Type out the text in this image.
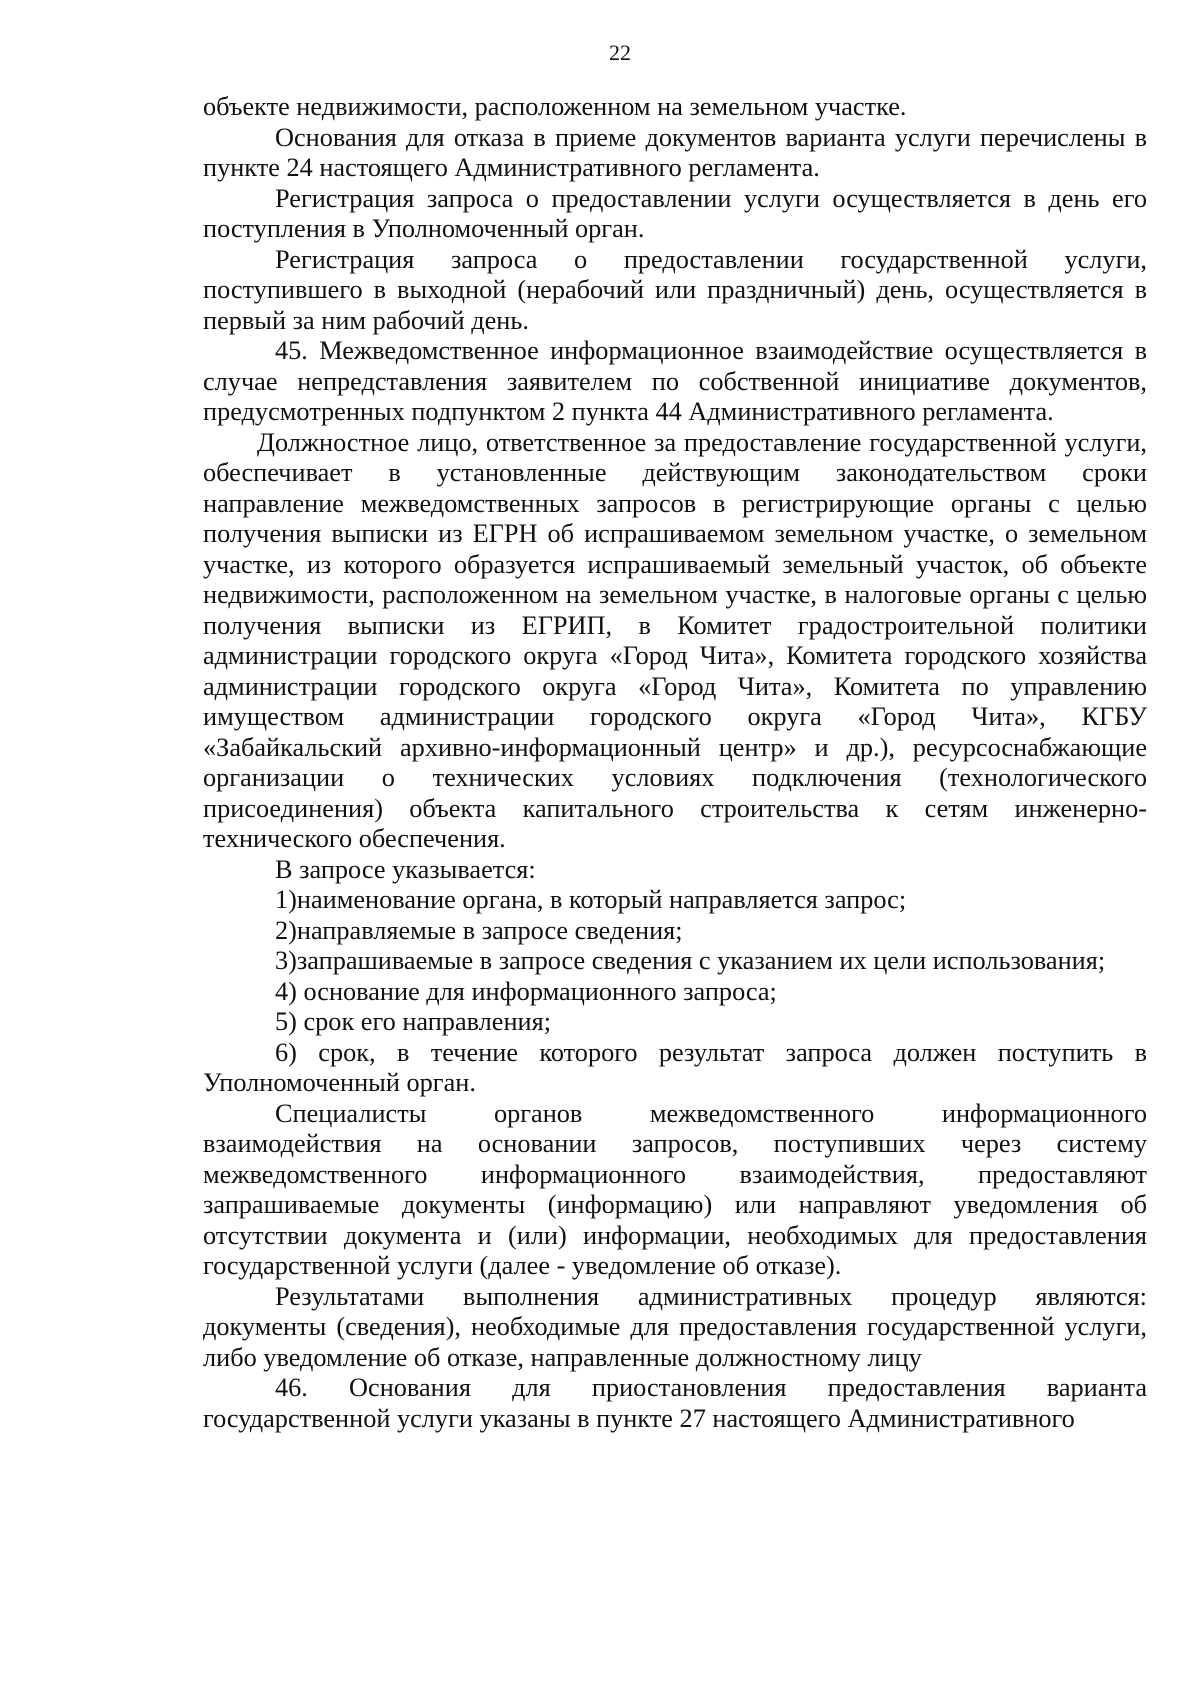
22

объекте недвижимости, расположенном на земельном участке.

Основания для отказа в приеме документов варианта услуги перечислены в пункте 24 настоящего Административного регламента.

Регистрация запроса о предоставлении услуги осуществляется в день его поступления в Уполномоченный орган.

Регистрация запроса о предоставлении государственной услуги, поступившего в выходной (нерабочий или праздничный) день, осуществляется в первый за ним рабочий день.

45. Межведомственное информационное взаимодействие осуществляется в случае непредставления заявителем по собственной инициативе документов, предусмотренных подпунктом 2 пункта 44 Административного регламента.

Должностное лицо, ответственное за предоставление государственной услуги, обеспечивает в установленные действующим законодательством сроки направление межведомственных запросов в регистрирующие органы с целью получения выписки из ЕГРН об испрашиваемом земельном участке, о земельном участке, из которого образуется испрашиваемый земельный участок, об объекте недвижимости, расположенном на земельном участке, в налоговые органы с целью получения выписки из ЕГРИП, в Комитет градостроительной политики администрации городского округа «Город Чита», Комитета городского хозяйства администрации городского округа «Город Чита», Комитета по управлению имуществом администрации городского округа «Город Чита», КГБУ «Забайкальский архивно-информационный центр» и др.), ресурсоснабжающие организации о технических условиях подключения (технологического присоединения) объекта капитального строительства к сетям инженерно-технического обеспечения.

В запросе указывается:

1)наименование органа, в который направляется запрос;

2)направляемые в запросе сведения;

3)запрашиваемые в запросе сведения с указанием их цели использования;

4) основание для информационного запроса;

5) срок его направления;

6) срок, в течение которого результат запроса должен поступить в Уполномоченный орган.

Специалисты органов межведомственного информационного взаимодействия на основании запросов, поступивших через систему межведомственного информационного взаимодействия, предоставляют запрашиваемые документы (информацию) или направляют уведомления об отсутствии документа и (или) информации, необходимых для предоставления государственной услуги (далее - уведомление об отказе).

Результатами выполнения административных процедур являются: документы (сведения), необходимые для предоставления государственной услуги, либо уведомление об отказе, направленные должностному лицу

46. Основания для приостановления предоставления варианта государственной услуги указаны в пункте 27 настоящего Административного
